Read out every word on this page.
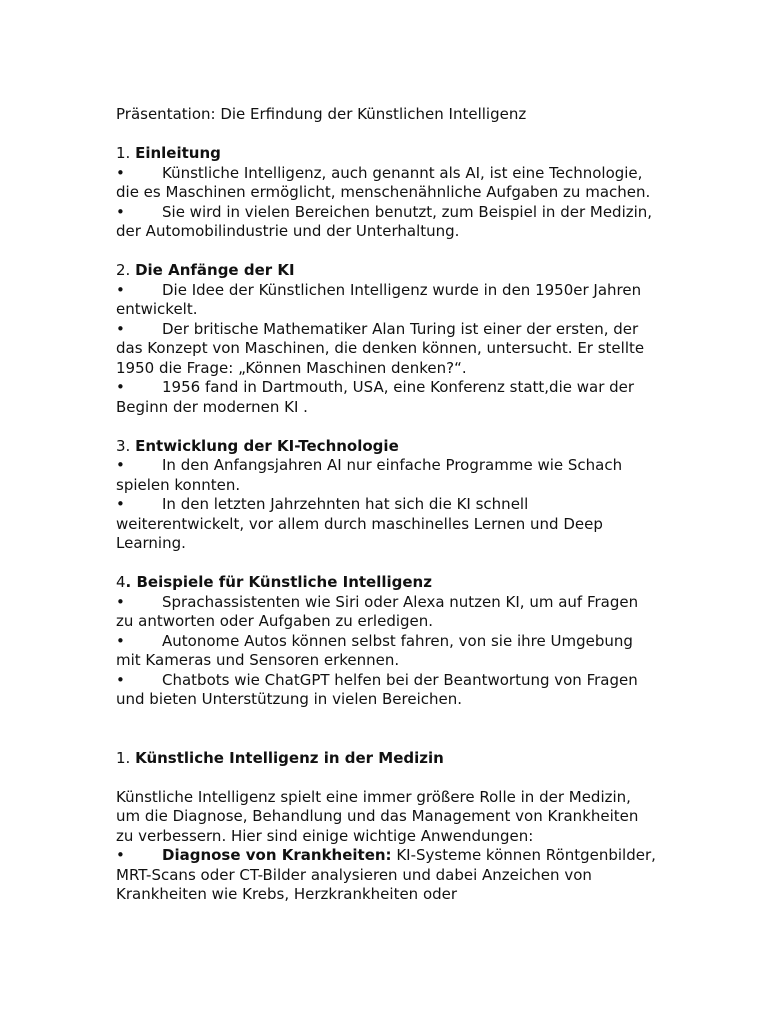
Präsentation: Die Erfindung der Künstlichen Intelligenz

1. Einleitung

• Künstliche Intelligenz, auch genannt als AI, ist eine Technologie, die es Maschinen ermöglicht, menschenähnliche Aufgaben zu machen.

• Sie wird in vielen Bereichen benutzt, zum Beispiel in der Medizin, der Automobilindustrie und der Unterhaltung.

2. Die Anfänge der KI

• Die Idee der Künstlichen Intelligenz wurde in den 1950er Jahren entwickelt.

• Der britische Mathematiker Alan Turing ist einer der ersten, der das Konzept von Maschinen, die denken können, untersucht. Er stellte 1950 die Frage: „Können Maschinen denken?“.

• 1956 fand in Dartmouth, USA, eine Konferenz statt,die war der Beginn der modernen KI .

3. Entwicklung der KI-Technologie

• In den Anfangsjahren AI nur einfache Programme wie Schach spielen konnten.

• In den letzten Jahrzehnten hat sich die KI schnell weiterentwickelt, vor allem durch maschinelles Lernen und Deep Learning.

4. Beispiele für Künstliche Intelligenz

• Sprachassistenten wie Siri oder Alexa nutzen KI, um auf Fragen zu antworten oder Aufgaben zu erledigen.

• Autonome Autos können selbst fahren, von sie ihre Umgebung mit Kameras und Sensoren erkennen.

• Chatbots wie ChatGPT helfen bei der Beantwortung von Fragen und bieten Unterstützung in vielen Bereichen.

1. Künstliche Intelligenz in der Medizin

Künstliche Intelligenz spielt eine immer größere Rolle in der Medizin, um die Diagnose, Behandlung und das Management von Krankheiten zu verbessern. Hier sind einige wichtige Anwendungen:

• Diagnose von Krankheiten: KI-Systeme können Röntgenbilder, MRT-Scans oder CT-Bilder analysieren und dabei Anzeichen von Krankheiten wie Krebs, Herzkrankheiten oder
